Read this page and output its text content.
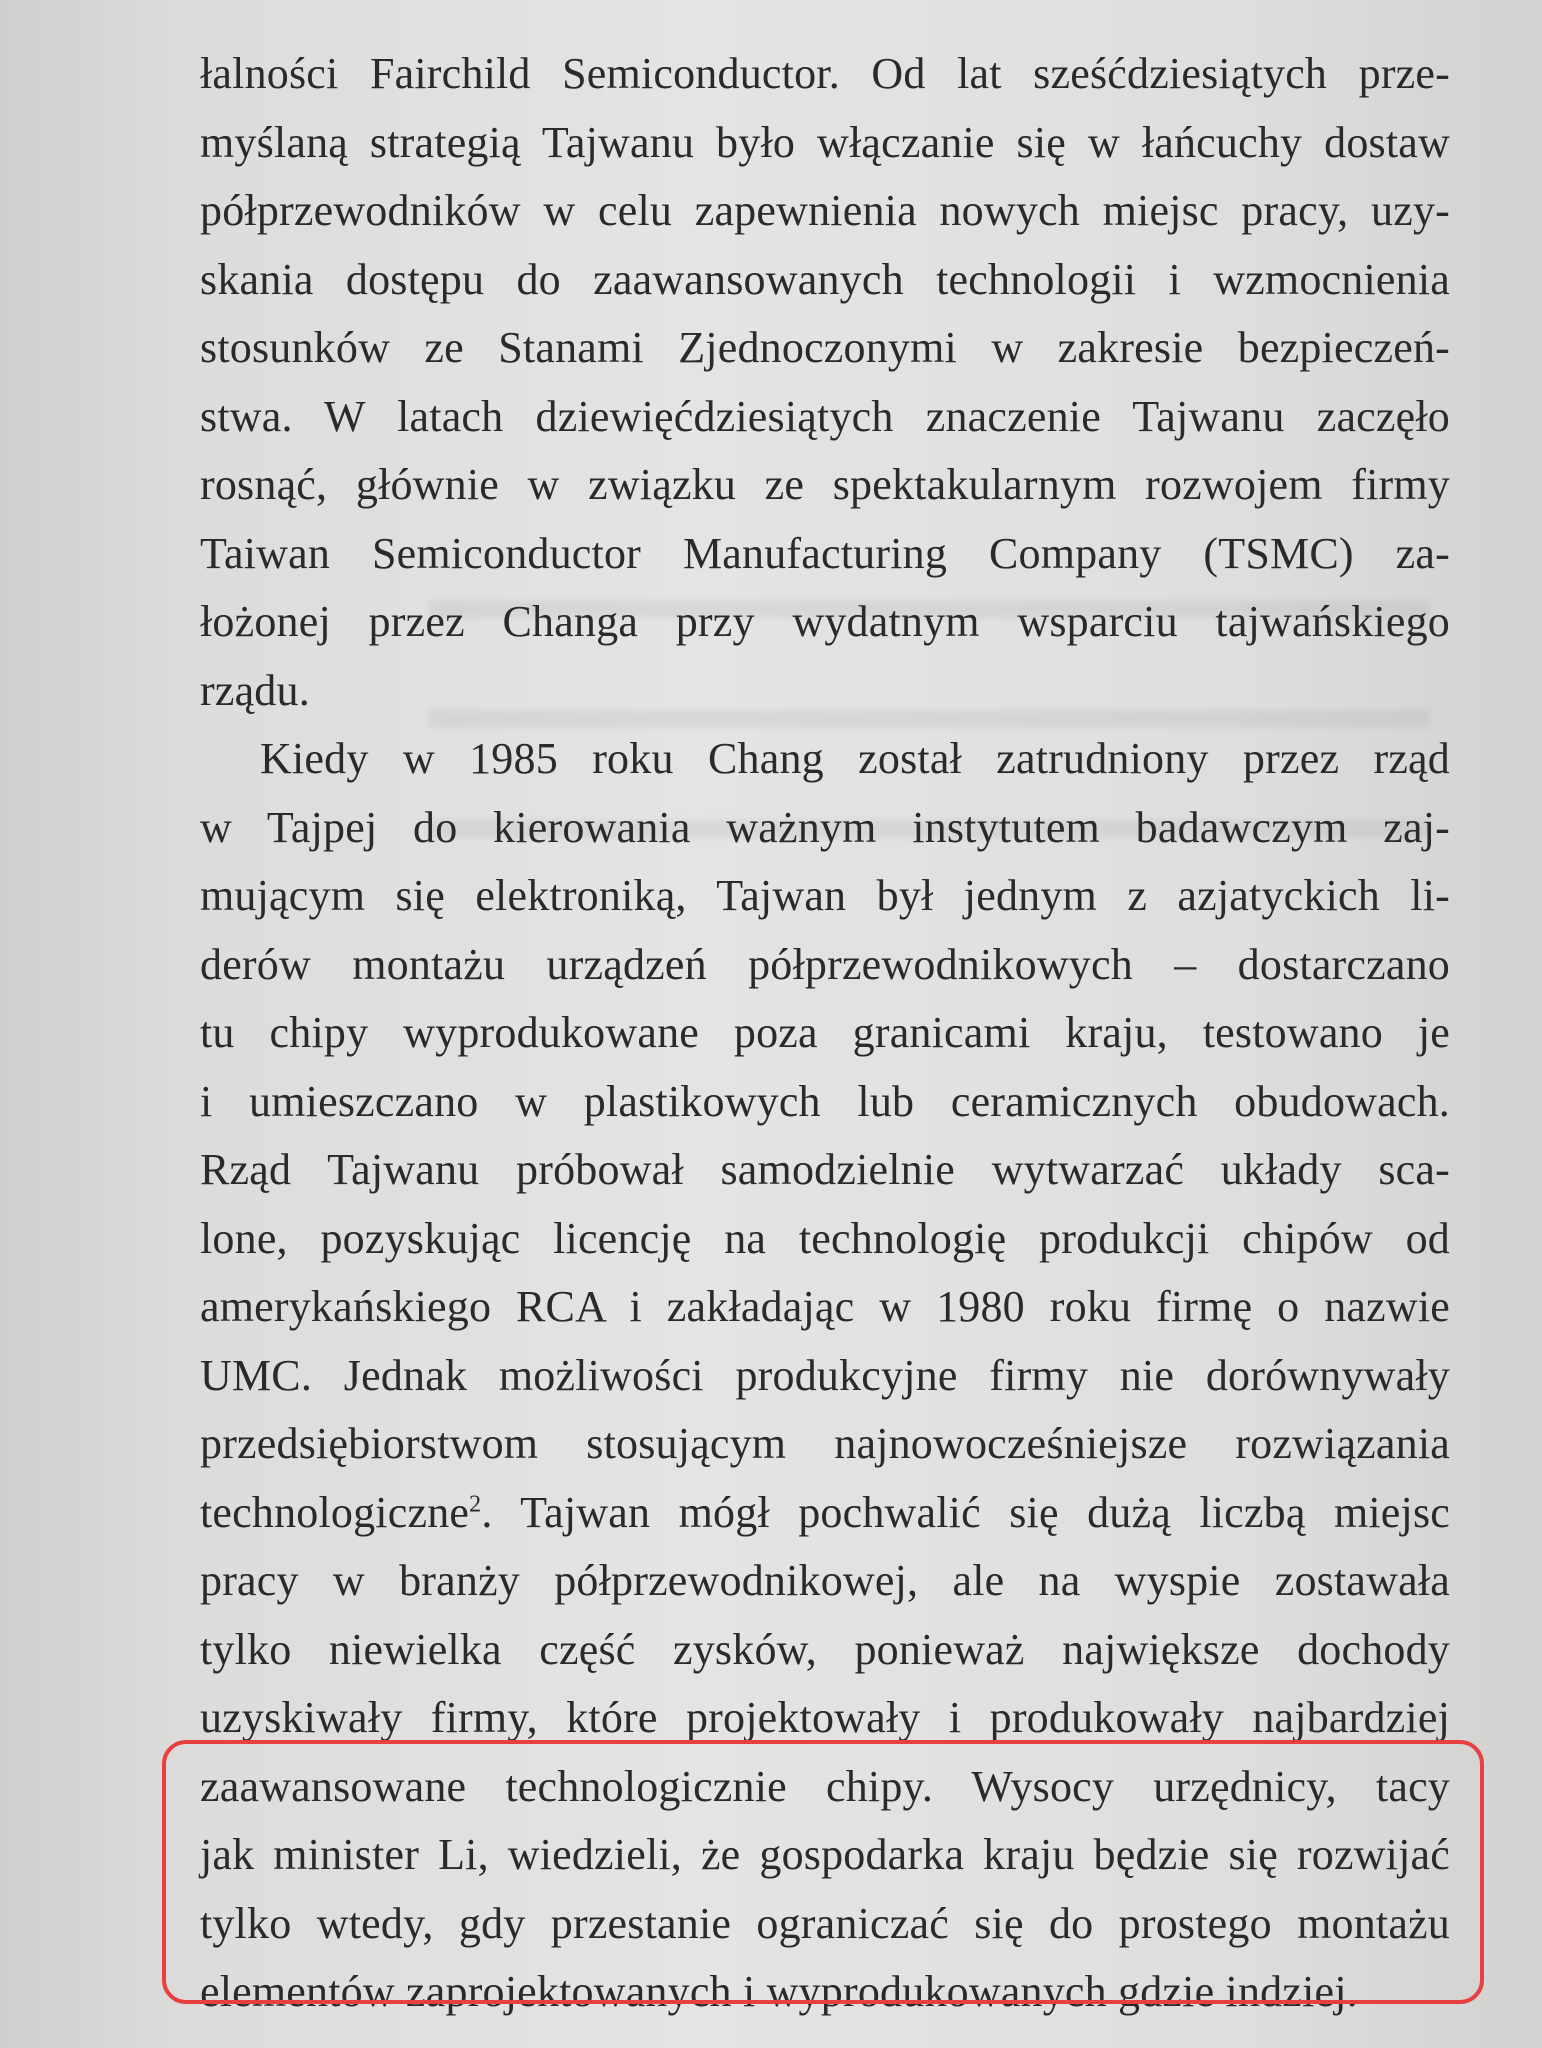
łalności Fairchild Semiconductor. Od lat sześćdziesiątych prze-
myślaną strategią Tajwanu było włączanie się w łańcuchy dostaw
półprzewodników w celu zapewnienia nowych miejsc pracy, uzy-
skania dostępu do zaawansowanych technologii i wzmocnienia
stosunków ze Stanami Zjednoczonymi w zakresie bezpieczeń-
stwa. W latach dziewięćdziesiątych znaczenie Tajwanu zaczęło
rosnąć, głównie w związku ze spektakularnym rozwojem firmy
Taiwan Semiconductor Manufacturing Company (TSMC) za-
łożonej przez Changa przy wydatnym wsparciu tajwańskiego
rządu.
Kiedy w 1985 roku Chang został zatrudniony przez rząd
w Tajpej do kierowania ważnym instytutem badawczym zaj-
mującym się elektroniką, Tajwan był jednym z azjatyckich li-
derów montażu urządzeń półprzewodnikowych – dostarczano
tu chipy wyprodukowane poza granicami kraju, testowano je
i umieszczano w plastikowych lub ceramicznych obudowach.
Rząd Tajwanu próbował samodzielnie wytwarzać układy sca-
lone, pozyskując licencję na technologię produkcji chipów od
amerykańskiego RCA i zakładając w 1980 roku firmę o nazwie
UMC. Jednak możliwości produkcyjne firmy nie dorównywały
przedsiębiorstwom stosującym najnowocześniejsze rozwiązania
technologiczne$^2$. Tajwan mógł pochwalić się dużą liczbą miejsc
pracy w branży półprzewodnikowej, ale na wyspie zostawała
tylko niewielka część zysków, ponieważ największe dochody
uzyskiwały firmy, które projektowały i produkowały najbardziej
zaawansowane technologicznie chipy. Wysocy urzędnicy, tacy
jak minister Li, wiedzieli, że gospodarka kraju będzie się rozwijać
tylko wtedy, gdy przestanie ograniczać się do prostego montażu
elementów zaprojektowanych i wyprodukowanych gdzie indziej.
